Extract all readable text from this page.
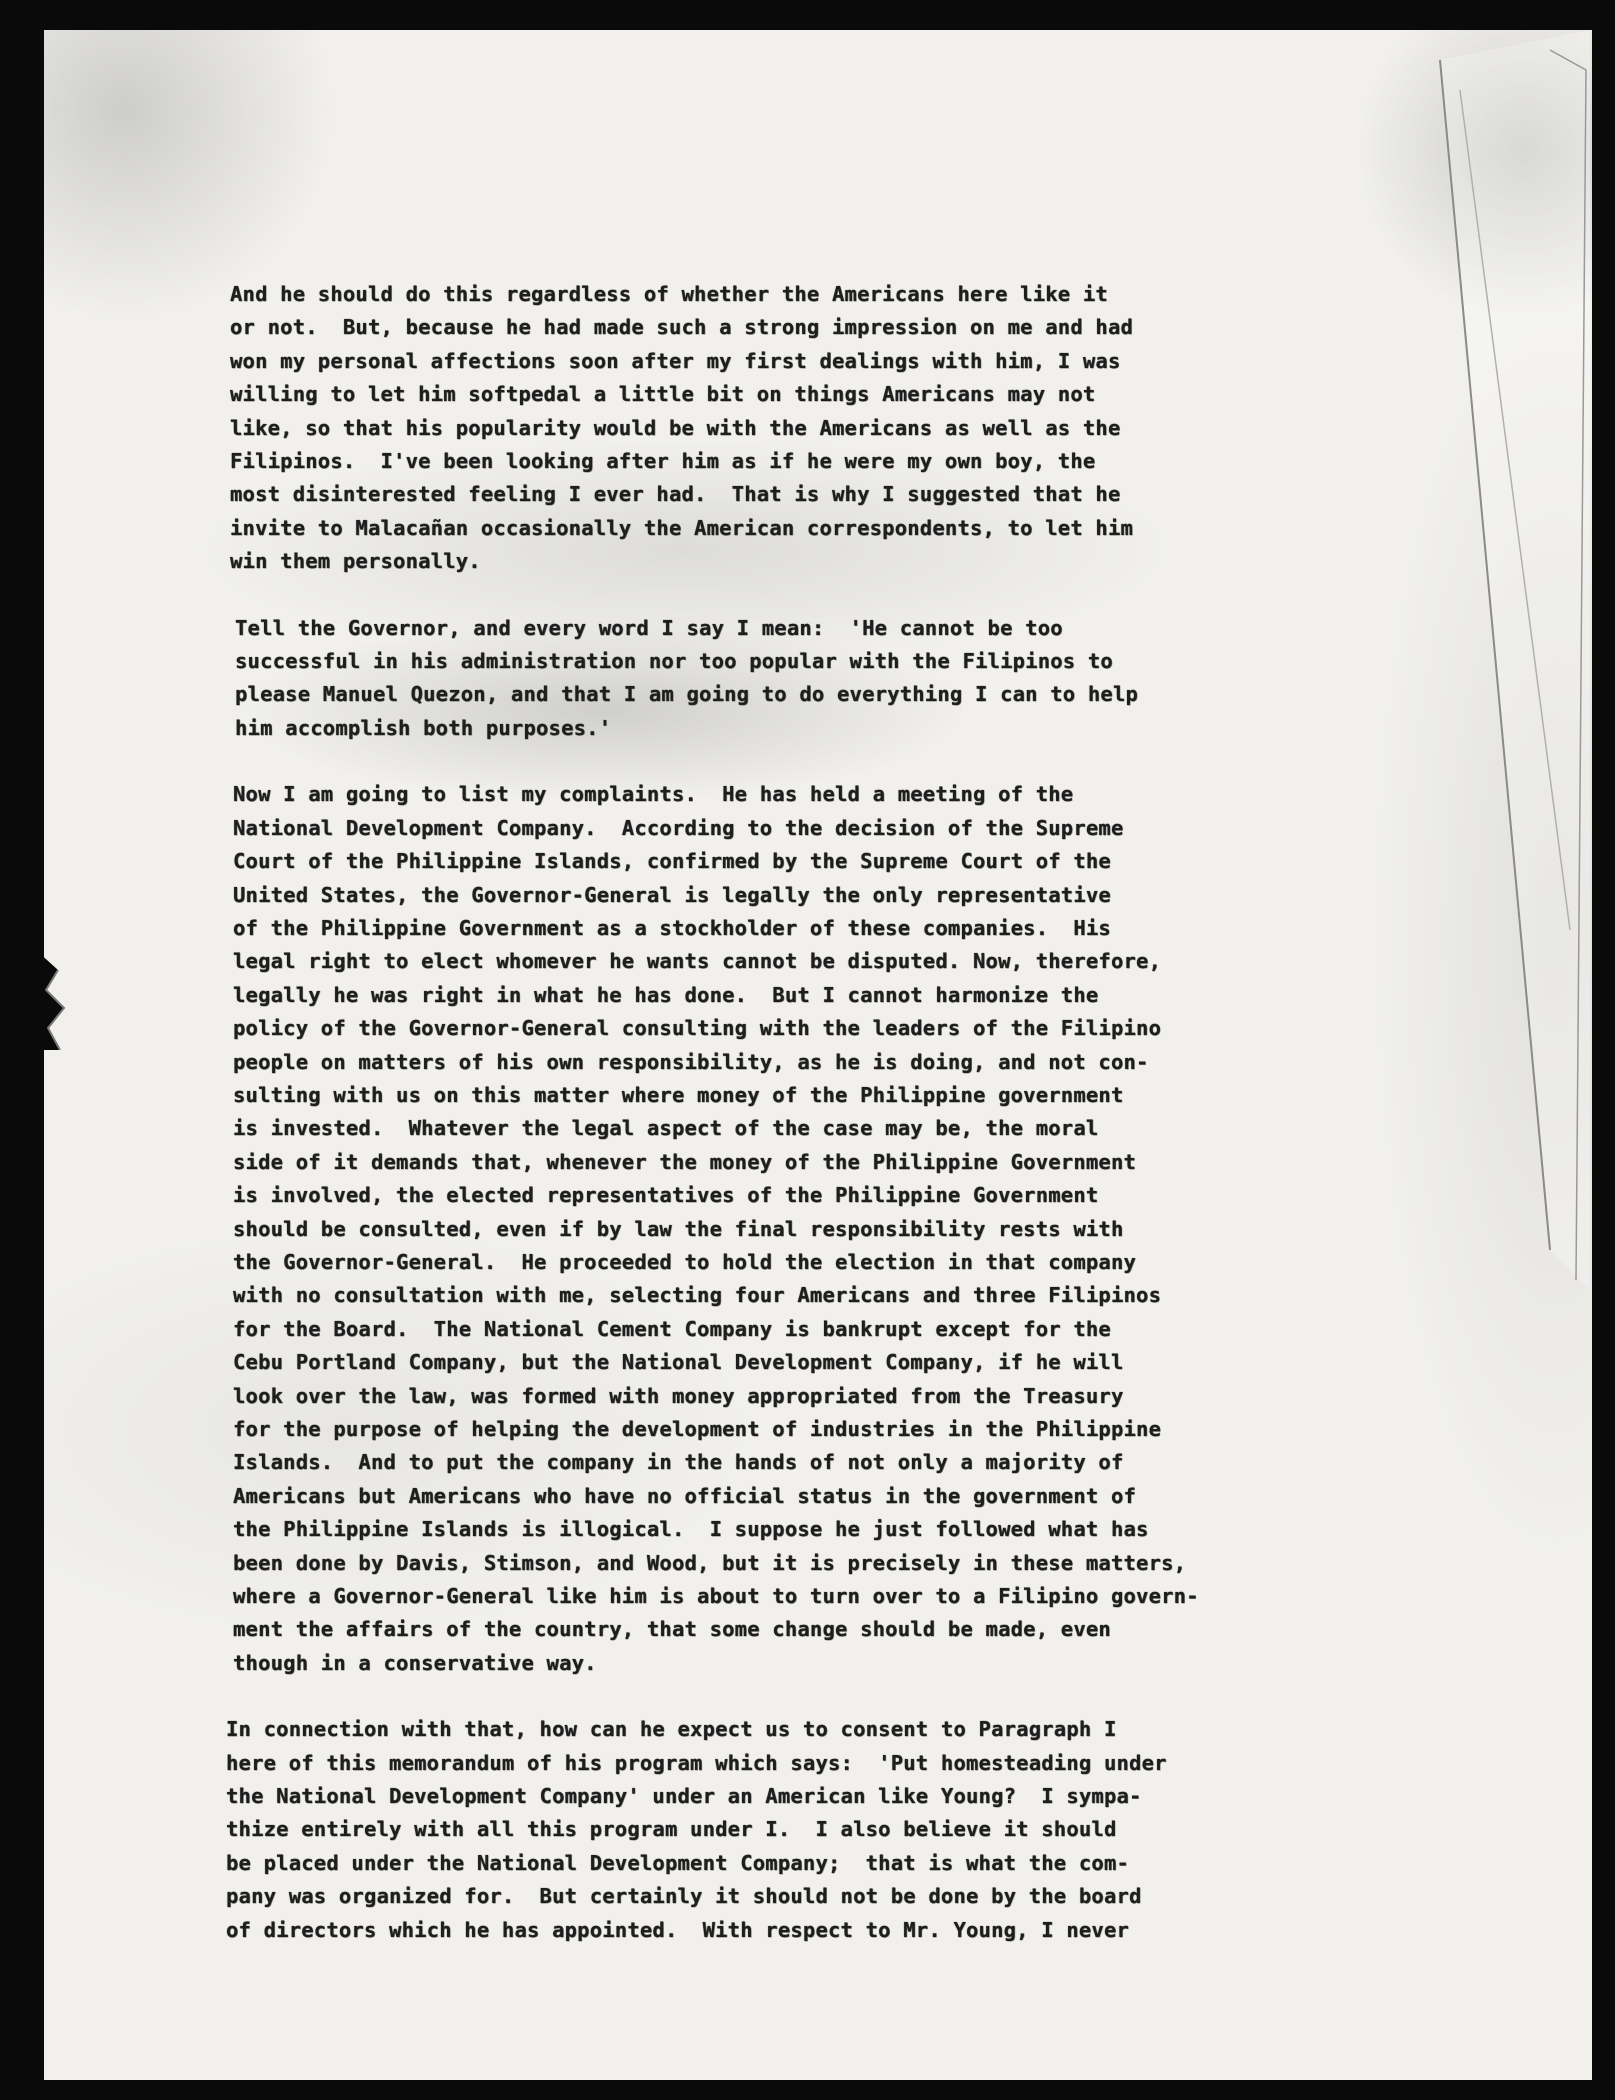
And he should do this regardless of whether the Americans here like it
or not.  But, because he had made such a strong impression on me and had
won my personal affections soon after my first dealings with him, I was
willing to let him softpedal a little bit on things Americans may not
like, so that his popularity would be with the Americans as well as the
Filipinos.  I've been looking after him as if he were my own boy, the
most disinterested feeling I ever had.  That is why I suggested that he
invite to Malacañan occasionally the American correspondents, to let him
win them personally.
Tell the Governor, and every word I say I mean:  'He cannot be too
successful in his administration nor too popular with the Filipinos to
please Manuel Quezon, and that I am going to do everything I can to help
him accomplish both purposes.'
Now I am going to list my complaints.  He has held a meeting of the
National Development Company.  According to the decision of the Supreme
Court of the Philippine Islands, confirmed by the Supreme Court of the
United States, the Governor-General is legally the only representative
of the Philippine Government as a stockholder of these companies.  His
legal right to elect whomever he wants cannot be disputed. Now, therefore,
legally he was right in what he has done.  But I cannot harmonize the
policy of the Governor-General consulting with the leaders of the Filipino
people on matters of his own responsibility, as he is doing, and not con-
sulting with us on this matter where money of the Philippine government
is invested.  Whatever the legal aspect of the case may be, the moral
side of it demands that, whenever the money of the Philippine Government
is involved, the elected representatives of the Philippine Government
should be consulted, even if by law the final responsibility rests with
the Governor-General.  He proceeded to hold the election in that company
with no consultation with me, selecting four Americans and three Filipinos
for the Board.  The National Cement Company is bankrupt except for the
Cebu Portland Company, but the National Development Company, if he will
look over the law, was formed with money appropriated from the Treasury
for the purpose of helping the development of industries in the Philippine
Islands.  And to put the company in the hands of not only a majority of
Americans but Americans who have no official status in the government of
the Philippine Islands is illogical.  I suppose he just followed what has
been done by Davis, Stimson, and Wood, but it is precisely in these matters,
where a Governor-General like him is about to turn over to a Filipino govern-
ment the affairs of the country, that some change should be made, even
though in a conservative way.
In connection with that, how can he expect us to consent to Paragraph I
here of this memorandum of his program which says:  'Put homesteading under
the National Development Company' under an American like Young?  I sympa-
thize entirely with all this program under I.  I also believe it should
be placed under the National Development Company;  that is what the com-
pany was organized for.  But certainly it should not be done by the board
of directors which he has appointed.  With respect to Mr. Young, I never
